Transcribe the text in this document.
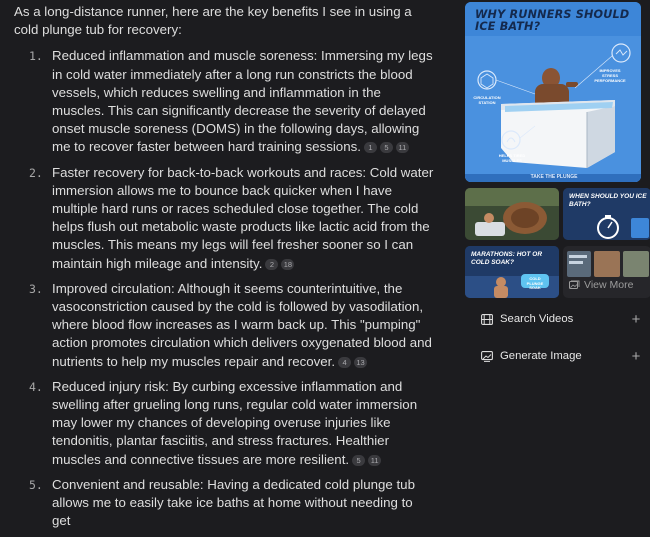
As a long-distance runner, here are the key benefits I see in using a cold plunge tub for recovery:

1. Reduced inflammation and muscle soreness: Immersing my legs in cold water immediately after a long run constricts the blood vessels, which reduces swelling and inflammation in the muscles. This can significantly decrease the severity of delayed onset muscle soreness (DOMS) in the following days, allowing me to recover faster between hard training sessions. 1 5 11
2. Faster recovery for back-to-back workouts and races: Cold water immersion allows me to bounce back quicker when I have multiple hard runs or races scheduled close together. The cold helps flush out metabolic waste products like lactic acid from the muscles. This means my legs will feel fresher sooner so I can maintain high mileage and intensity. 2 18
3. Improved circulation: Although it seems counterintuitive, the vasoconstriction caused by the cold is followed by vasodilation, where blood flow increases as I warm back up. This "pumping" action promotes circulation which delivers oxygenated blood and nutrients to help my muscles repair and recover. 4 13
4. Reduced injury risk: By curbing excessive inflammation and swelling after grueling long runs, regular cold water immersion may lower my chances of developing overuse injuries like tendonitis, plantar fasciitis, and stress fractures. Healthier muscles and connective tissues are more resilient. 5 11
5. Convenient and reusable: Having a dedicated cold plunge tub allows me to easily take ice baths at home without needing to get
WHY RUNNERS SHOULD ICE BATH?
IMPROVES STRESS PERFORMANCE
CIRCULATION STATION
HELPS TIRED MUSCLES
TAKE THE PLUNGE
WHEN SHOULD YOU ICE BATH?
MARATHONS: HOT OR COLD SOAK?
COLD PLUNGE SOAK	View More
Search Videos	+
Generate Image	+
